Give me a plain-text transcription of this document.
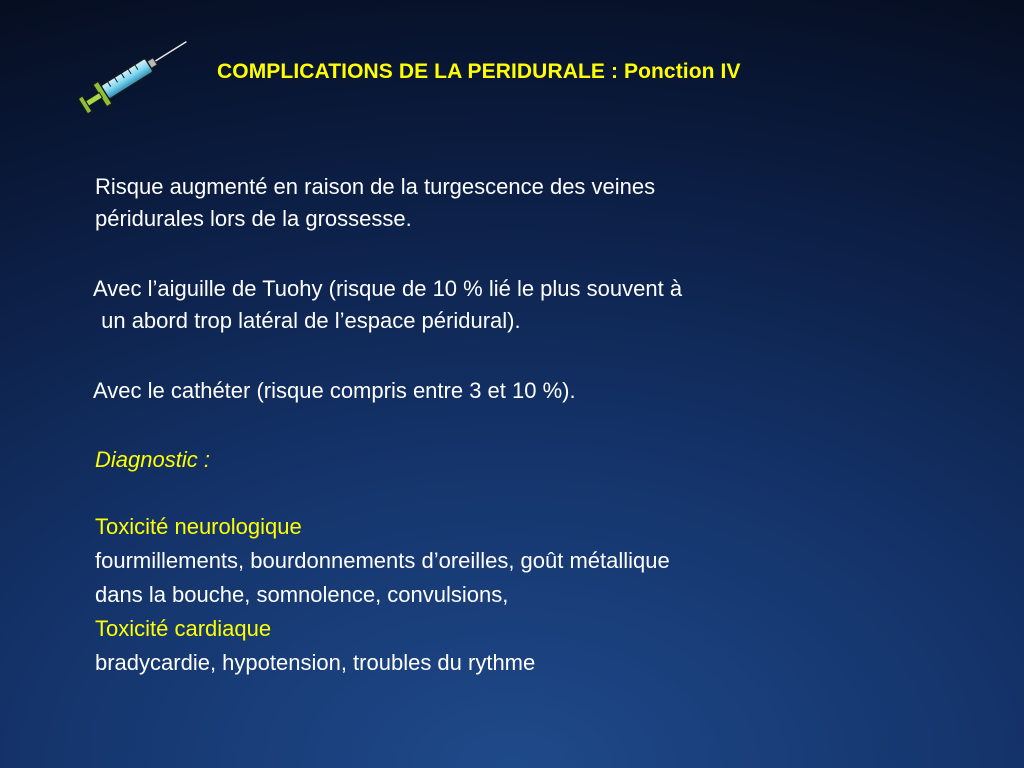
COMPLICATIONS DE LA PERIDURALE : Ponction IV
Risque augmenté en raison de la turgescence des veines
péridurales lors de la grossesse.
Avec l’aiguille de Tuohy (risque de 10 % lié le plus souvent à
un abord trop latéral de l’espace péridural).
Avec le cathéter (risque compris entre 3 et 10 %).
Diagnostic :
Toxicité neurologique
fourmillements, bourdonnements d’oreilles, goût métallique
dans la bouche, somnolence, convulsions,
Toxicité cardiaque
bradycardie, hypotension, troubles du rythme
